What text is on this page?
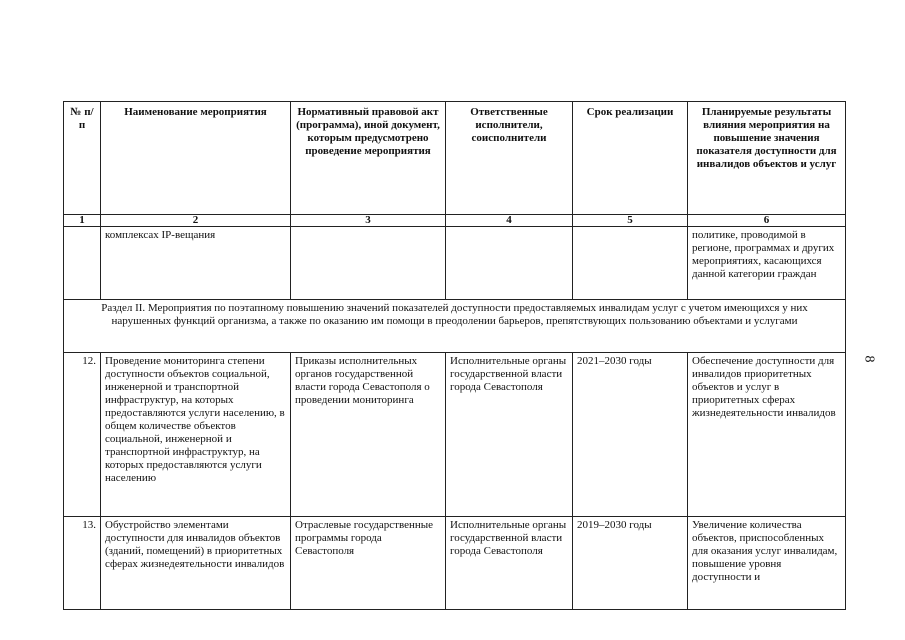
8
№ п/п	Наименование мероприятия	Нормативный правовой акт (программа), иной документ, которым предусмотрено проведение мероприятия	Ответственные исполнители, соисполнители	Срок реализации	Планируемые результаты влияния мероприятия на повышение значения показателя доступности для инвалидов объектов и услуг
1	2	3	4	5	6
	комплексах IP-вещания				политике, проводимой в регионе, программах и других мероприятиях, касающихся данной категории граждан
Раздел II. Мероприятия по поэтапному повышению значений показателей доступности предоставляемых инвалидам услуг с учетом имеющихся у них нарушенных функций организма, а также по оказанию им помощи в преодолении барьеров, препятствующих пользованию объектами и услугами					
12.	Проведение мониторинга степени доступности объектов социальной, инженерной и транспортной инфраструктур, на которых предоставляются услуги населению, в общем количестве объектов социальной, инженерной и транспортной инфраструктур, на которых предоставляются услуги населению	Приказы исполнительных органов государственной власти города Севастополя о проведении мониторинга	Исполнительные органы государственной власти города Севастополя	2021–2030 годы	Обеспечение доступности для инвалидов приоритетных объектов и услуг в приоритетных сферах жизнедеятельности инвалидов
13.	Обустройство элементами доступности для инвалидов объектов (зданий, помещений) в приоритетных сферах жизнедеятельности инвалидов	Отраслевые государственные программы города Севастополя	Исполнительные органы государственной власти города Севастополя	2019–2030 годы	Увеличение количества объектов, приспособленных для оказания услуг инвалидам, повышение уровня доступности и
